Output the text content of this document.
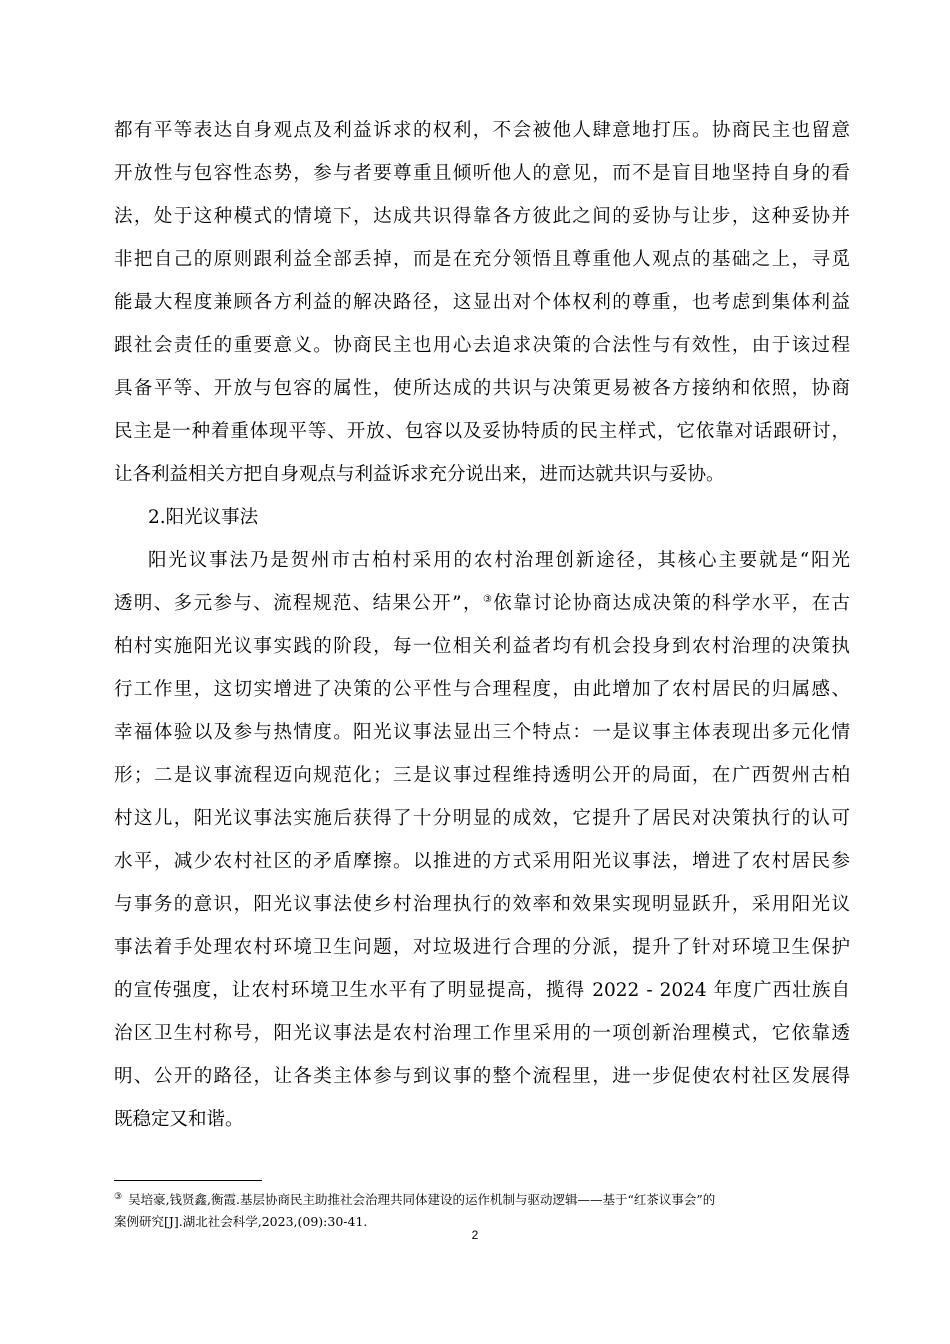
都有平等表达自身观点及利益诉求的权利，不会被他人肆意地打压。协商民主也留意
开放性与包容性态势，参与者要尊重且倾听他人的意见，而不是盲目地坚持自身的看
法，处于这种模式的情境下，达成共识得靠各方彼此之间的妥协与让步，这种妥协并
非把自己的原则跟利益全部丢掉，而是在充分领悟且尊重他人观点的基础之上，寻觅
能最大程度兼顾各方利益的解决路径，这显出对个体权利的尊重，也考虑到集体利益
跟社会责任的重要意义。协商民主也用心去追求决策的合法性与有效性，由于该过程
具备平等、开放与包容的属性，使所达成的共识与决策更易被各方接纳和依照，协商
民主是一种着重体现平等、开放、包容以及妥协特质的民主样式，它依靠对话跟研讨，
让各利益相关方把自身观点与利益诉求充分说出来，进而达就共识与妥协。
2.阳光议事法
阳光议事法乃是贺州市古柏村采用的农村治理创新途径，其核心主要就是“阳光
透明、多元参与、流程规范、结果公开”，③依靠讨论协商达成决策的科学水平，在古
柏村实施阳光议事实践的阶段，每一位相关利益者均有机会投身到农村治理的决策执
行工作里，这切实增进了决策的公平性与合理程度，由此增加了农村居民的归属感、
幸福体验以及参与热情度。阳光议事法显出三个特点：一是议事主体表现出多元化情
形；二是议事流程迈向规范化；三是议事过程维持透明公开的局面，在广西贺州古柏
村这儿，阳光议事法实施后获得了十分明显的成效，它提升了居民对决策执行的认可
水平，减少农村社区的矛盾摩擦。以推进的方式采用阳光议事法，增进了农村居民参
与事务的意识，阳光议事法使乡村治理执行的效率和效果实现明显跃升，采用阳光议
事法着手处理农村环境卫生问题，对垃圾进行合理的分派，提升了针对环境卫生保护
的宣传强度，让农村环境卫生水平有了明显提高，揽得 2022 - 2024 年度广西壮族自
治区卫生村称号，阳光议事法是农村治理工作里采用的一项创新治理模式，它依靠透
明、公开的路径，让各类主体参与到议事的整个流程里，进一步促使农村社区发展得
既稳定又和谐。
③ 吴培豪,钱贤鑫,衡霞.基层协商民主助推社会治理共同体建设的运作机制与驱动逻辑——基于“红茶议事会”的
案例研究[J].湖北社会科学,2023,(09):30-41.
2
